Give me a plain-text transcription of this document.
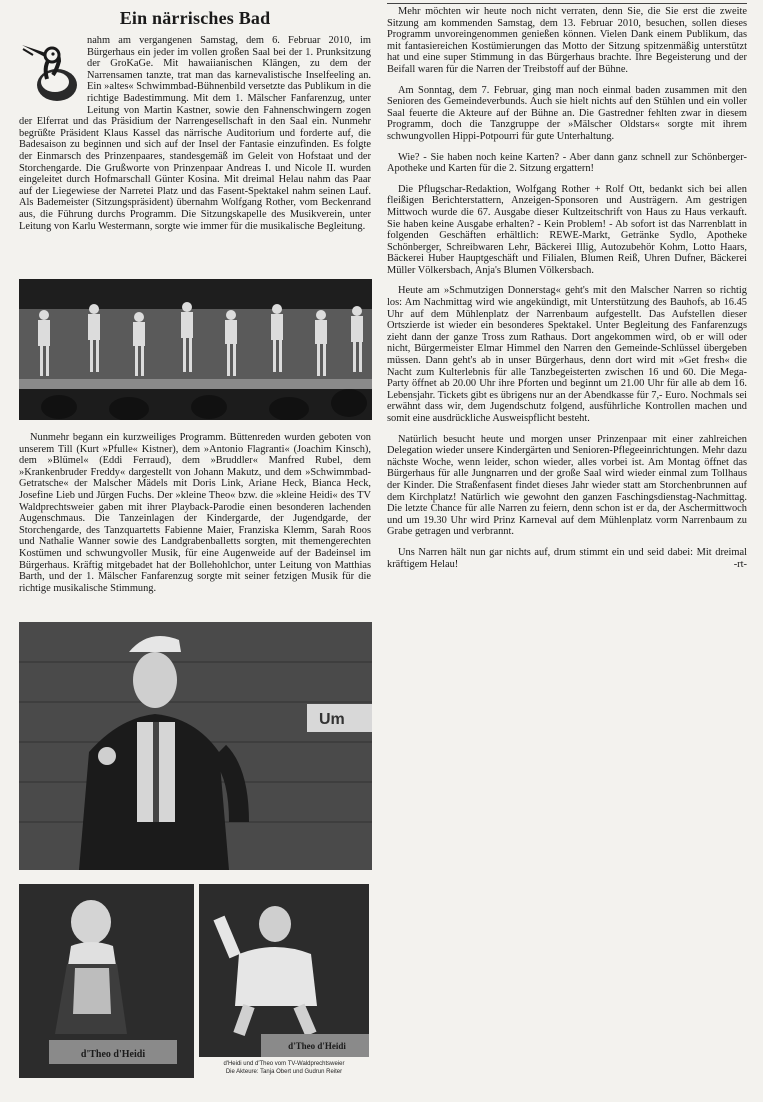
Ein närrisches Bad

nahm am vergangenen Samstag, dem 6. Februar 2010, im Bürgerhaus ein jeder im vollen großen Saal bei der 1. Prunksitzung der GroKaGe. Mit hawaiianischen Klängen, zu dem der Narrensamen tanzte, trat man das karnevalistische Inselfeeling an. Ein »altes« Schwimmbad-Bühnenbild versetzte das Publikum in die richtige Badestimmung. Mit dem 1. Mälscher Fanfarenzug, unter Leitung von Martin Kastner, sowie den Fahnenschwingern zogen der Elferrat und das Präsidium der Narrengesellschaft in den Saal ein. Nunmehr begrüßte Präsident Klaus Kassel das närrische Auditorium und forderte auf, die Badesaison zu beginnen und sich auf der Insel der Fantasie einzufinden. Es folgte der Einmarsch des Prinzenpaares, standesgemäß im Geleit von Hofstaat und der Storchengarde. Die Grußworte von Prinzenpaar Andreas I. und Nicole II. wurden eingeleitet durch Hofmarschall Günter Kosina. Mit dreimal Helau nahm das Paar auf der Liegewiese der Narretei Platz und das Fasent-Spektakel nahm seinen Lauf. Als Bademeister (Sitzungspräsident) übernahm Wolfgang Rother, vom Beckenrand aus, die Führung durchs Programm. Die Sitzungskapelle des Musikverein, unter Leitung von Karlu Westermann, sorgte wie immer für die musikalische Begleitung.

Nunmehr begann ein kurzweiliges Programm. Büttenreden wurden geboten von unserem Till (Kurt »Pfulle« Kistner), dem »Antonio Flagranti« (Joachim Kinsch), dem »Blümel« (Eddi Ferraud), dem »Bruddler« Manfred Rubel, dem »Krankenbruder Freddy« dargestellt von Johann Makutz, und dem »Schwimmbad-Getratsche« der Malscher Mädels mit Doris Link, Ariane Heck, Bianca Heck, Josefine Lieb und Jürgen Fuchs. Der »kleine Theo« bzw. die »kleine Heidi« des TV Waldprechtsweier gaben mit ihrer Playback-Parodie einen besonderen lachenden Augenschmaus. Die Tanzeinlagen der Kindergarde, der Jugendgarde, der Storchengarde, des Tanzquartetts Fabienne Maier, Franziska Klemm, Sarah Roos und Nathalie Wanner sowie des Landgrabenballetts sorgten, mit themengerechten Kostümen und schwungvoller Musik, für eine Augenweide auf der Badeinsel im Bürgerhaus. Kräftig mitgebadet hat der Bollehohlchor, unter Leitung von Matthias Barth, und der 1. Mälscher Fanfarenzug sorgte mit seiner fetzigen Musik für die richtige musikalische Stimmung.

Um
d'Theo d'Heidi
d'Theo d'Heidi
d'Heidi und d'Theo vom TV-Waldprechtsweier
Die Akteure: Tanja Obert und Gudrun Reiter

Mehr möchten wir heute noch nicht verraten, denn Sie, die Sie erst die zweite Sitzung am kommenden Samstag, dem 13. Februar 2010, besuchen, sollen dieses Programm unvoreingenommen genießen können. Vielen Dank einem Publikum, das mit fantasiereichen Kostümierungen das Motto der Sitzung spitzenmäßig unterstützt hat und eine super Stimmung in das Bürgerhaus brachte. Ihre Begeisterung und der Beifall waren für die Narren der Treibstoff auf der Bühne.

Am Sonntag, dem 7. Februar, ging man noch einmal baden zusammen mit den Senioren des Gemeindeverbunds. Auch sie hielt nichts auf den Stühlen und ein voller Saal feuerte die Akteure auf der Bühne an. Die Gastredner fehlten zwar in diesem Programm, doch die Tanzgruppe der »Mälscher Oldstars« sorgte mit ihrem schwungvollen Hippi-Potpourri für gute Unterhaltung.

Wie? - Sie haben noch keine Karten? - Aber dann ganz schnell zur Schönberger-Apotheke und Karten für die 2. Sitzung ergattern!

Die Pflugschar-Redaktion, Wolfgang Rother + Rolf Ott, bedankt sich bei allen fleißigen Berichterstattern, Anzeigen-Sponsoren und Austrägern. Am gestrigen Mittwoch wurde die 67. Ausgabe dieser Kultzeitschrift von Haus zu Haus verkauft. Sie haben keine Ausgabe erhalten? - Kein Problem! - Ab sofort ist das Narrenblatt in folgenden Geschäften erhältlich: REWE-Markt, Getränke Sydlo, Apotheke Schönberger, Schreibwaren Lehr, Bäckerei Illig, Autozubehör Kohm, Lotto Haars, Bäckerei Huber Hauptgeschäft und Filialen, Blumen Reiß, Uhren Dufner, Bäckerei Müller Völkersbach, Anja's Blumen Völkersbach.

Heute am »Schmutzigen Donnerstag« geht's mit den Malscher Narren so richtig los: Am Nachmittag wird wie angekündigt, mit Unterstützung des Bauhofs, ab 16.45 Uhr auf dem Mühlenplatz der Narrenbaum aufgestellt. Das Aufstellen dieser Ortszierde ist wieder ein besonderes Spektakel. Unter Begleitung des Fanfarenzugs zieht dann der ganze Tross zum Rathaus. Dort angekommen wird, ob er will oder nicht, Bürgermeister Elmar Himmel den Narren den Gemeinde-Schlüssel übergeben müssen. Dann geht's ab in unser Bürgerhaus, denn dort wird mit »Get fresh« die Nacht zum Kulterlebnis für alle Tanzbegeisterten zwischen 16 und 60. Die Mega-Party öffnet ab 20.00 Uhr ihre Pforten und beginnt um 21.00 Uhr für alle ab dem 16. Lebensjahr. Tickets gibt es übrigens nur an der Abendkasse für 7,- Euro. Nochmals sei erwähnt dass wir, dem Jugendschutz folgend, ausführliche Kontrollen machen und somit eine ausdrückliche Ausweispflicht besteht.

Natürlich besucht heute und morgen unser Prinzenpaar mit einer zahlreichen Delegation wieder unsere Kindergärten und Senioren-Pflegeeinrichtungen. Mehr dazu nächste Woche, wenn leider, schon wieder, alles vorbei ist. Am Montag öffnet das Bürgerhaus für alle Jungnarren und der große Saal wird wieder einmal zum Tollhaus der Kinder. Die Straßenfasent findet dieses Jahr wieder statt am Storchenbrunnen auf dem Kirchplatz! Natürlich wie gewohnt den ganzen Faschingsdienstag-Nachmittag. Die letzte Chance für alle Narren zu feiern, denn schon ist er da, der Aschermittwoch und um 19.30 Uhr wird Prinz Karneval auf dem Mühlenplatz vorm Narrenbaum zu Grabe getragen und verbrannt.

Uns Narren hält nun gar nichts auf, drum stimmt ein und seid dabei: Mit dreimal kräftigem Helau!	-rt-
